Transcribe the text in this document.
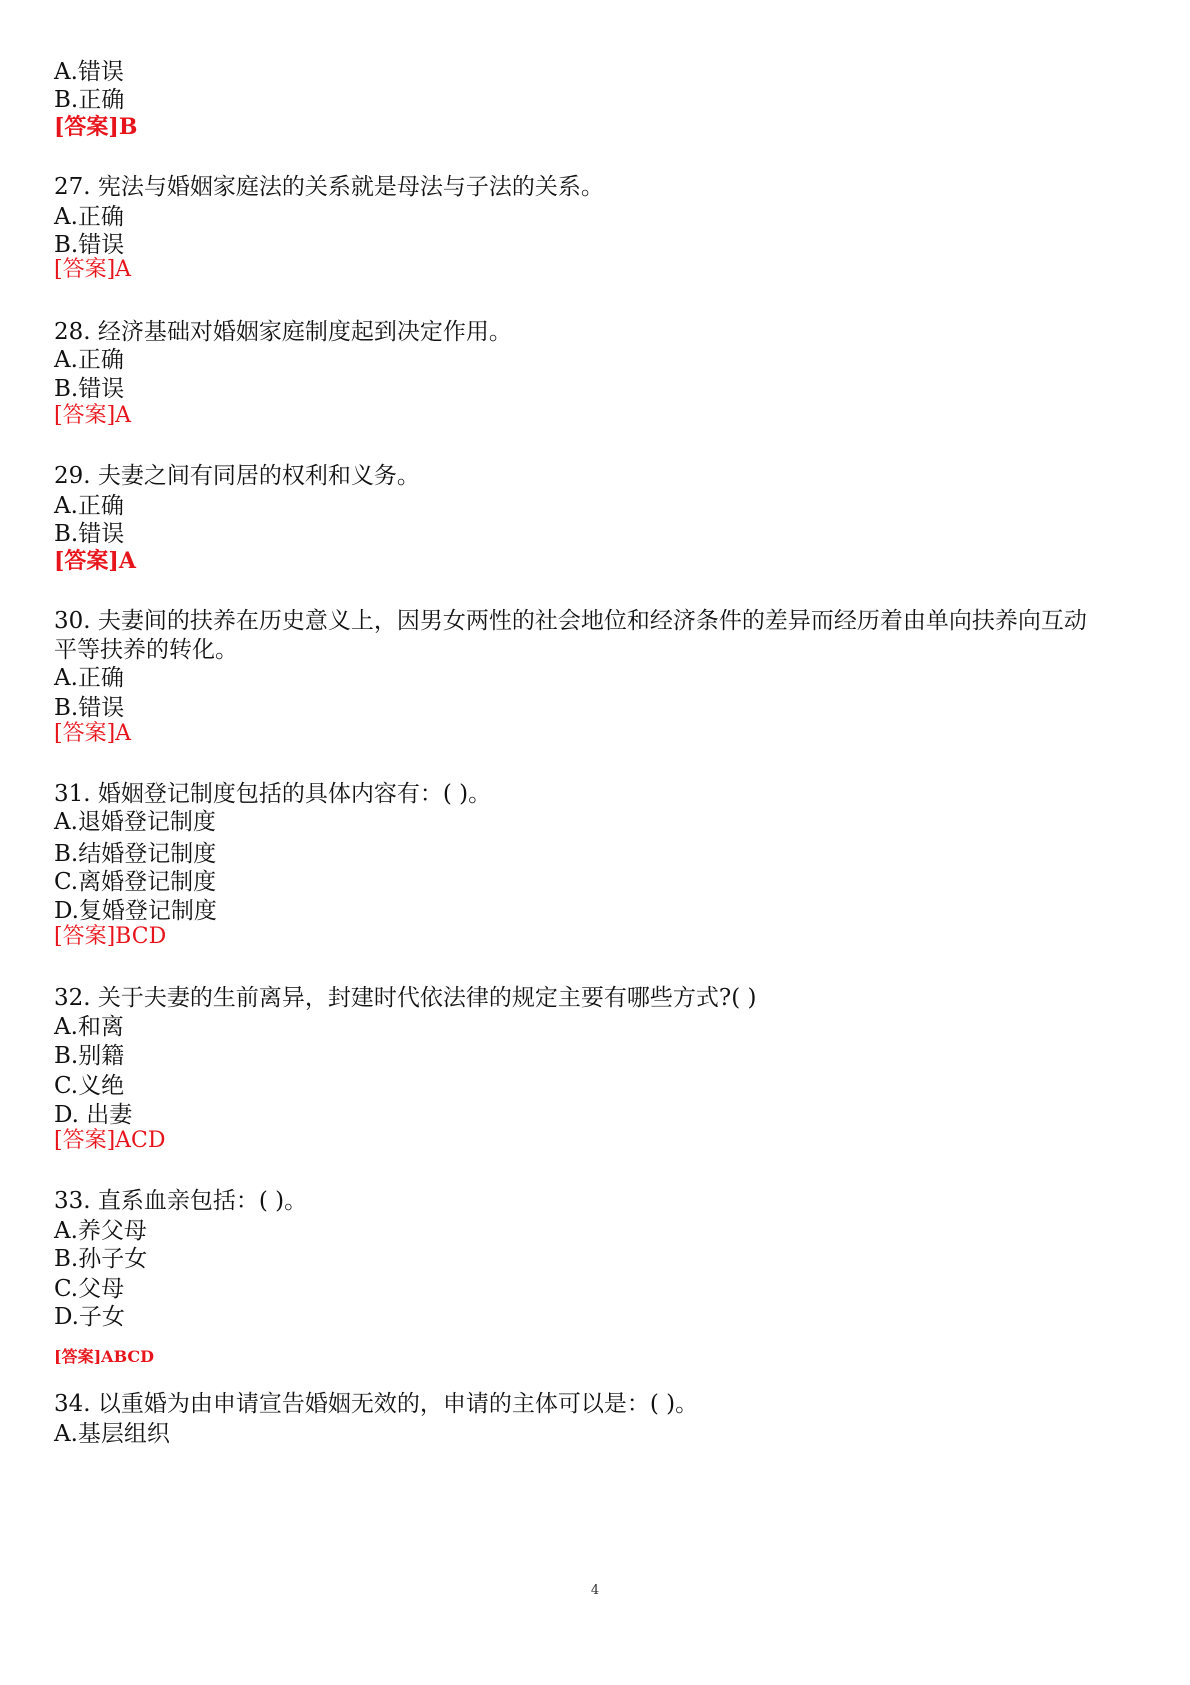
A.错误
B.正确
[答案]B
27. 宪法与婚姻家庭法的关系就是母法与子法的关系。
A.正确
B.错误
[答案]A
28. 经济基础对婚姻家庭制度起到决定作用。
A.正确
B.错误
[答案]A
29. 夫妻之间有同居的权利和义务。
A.正确
B.错误
[答案]A
30. 夫妻间的扶养在历史意义上，因男女两性的社会地位和经济条件的差异而经历着由单向扶养向互动
平等扶养的转化。
A.正确
B.错误
[答案]A
31. 婚姻登记制度包括的具体内容有：( )。
A.退婚登记制度
B.结婚登记制度
C.离婚登记制度
D.复婚登记制度
[答案]BCD
32. 关于夫妻的生前离异，封建时代依法律的规定主要有哪些方式?( )
A.和离
B.别籍
C.义绝
D. 出妻
[答案]ACD
33. 直系血亲包括：( )。
A.养父母
B.孙子女
C.父母
D.子女
[答案]ABCD
34. 以重婚为由申请宣告婚姻无效的，申请的主体可以是：( )。
A.基层组织
4
